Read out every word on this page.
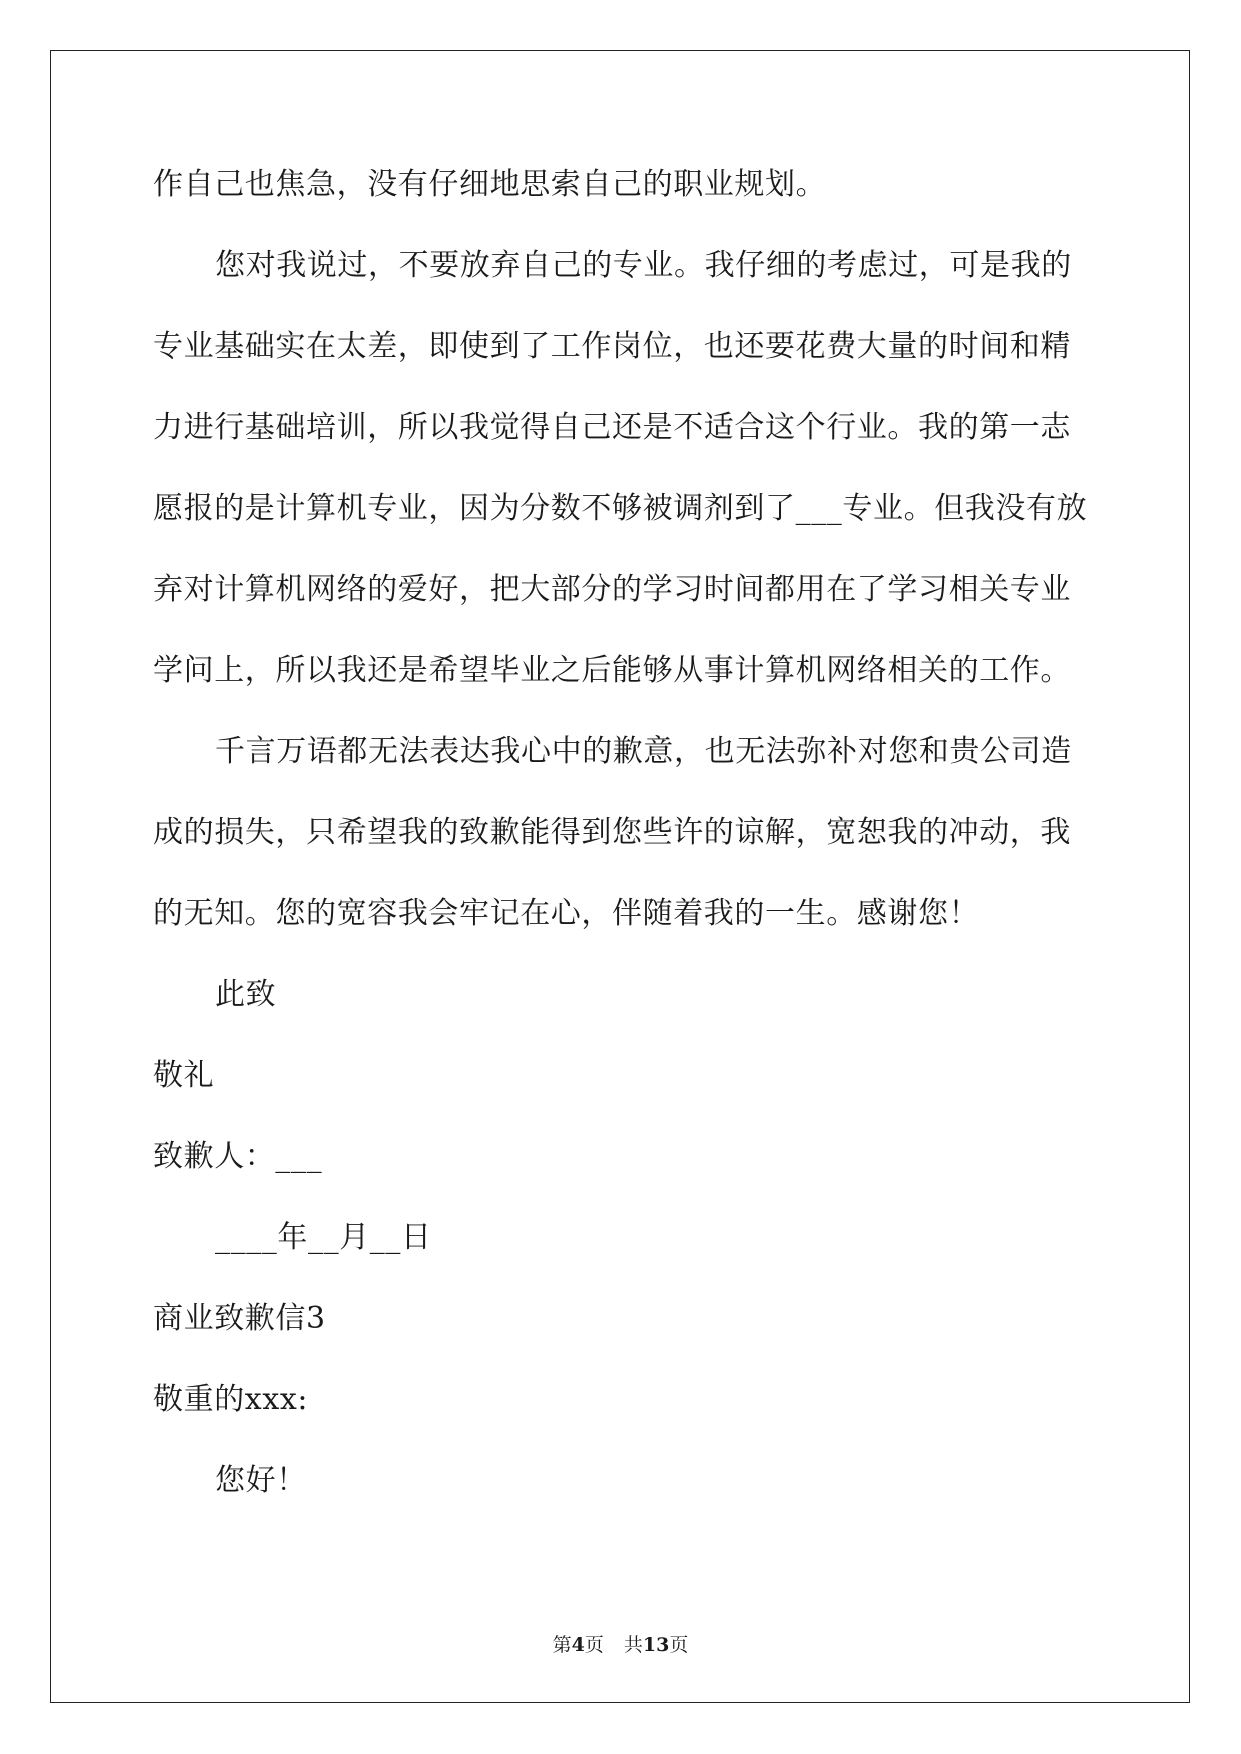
作自己也焦急，没有仔细地思索自己的职业规划。
您对我说过，不要放弃自己的专业。我仔细的考虑过，可是我的
专业基础实在太差，即使到了工作岗位，也还要花费大量的时间和精
力进行基础培训，所以我觉得自己还是不适合这个行业。我的第一志
愿报的是计算机专业，因为分数不够被调剂到了___专业。但我没有放
弃对计算机网络的爱好，把大部分的学习时间都用在了学习相关专业
学问上，所以我还是希望毕业之后能够从事计算机网络相关的工作。
千言万语都无法表达我心中的歉意，也无法弥补对您和贵公司造
成的损失，只希望我的致歉能得到您些许的谅解，宽恕我的冲动，我
的无知。您的宽容我会牢记在心，伴随着我的一生。感谢您！
此致
敬礼
致歉人：___
____年__月__日
商业致歉信3
敬重的xxx:
您好！
第4页 共13页
